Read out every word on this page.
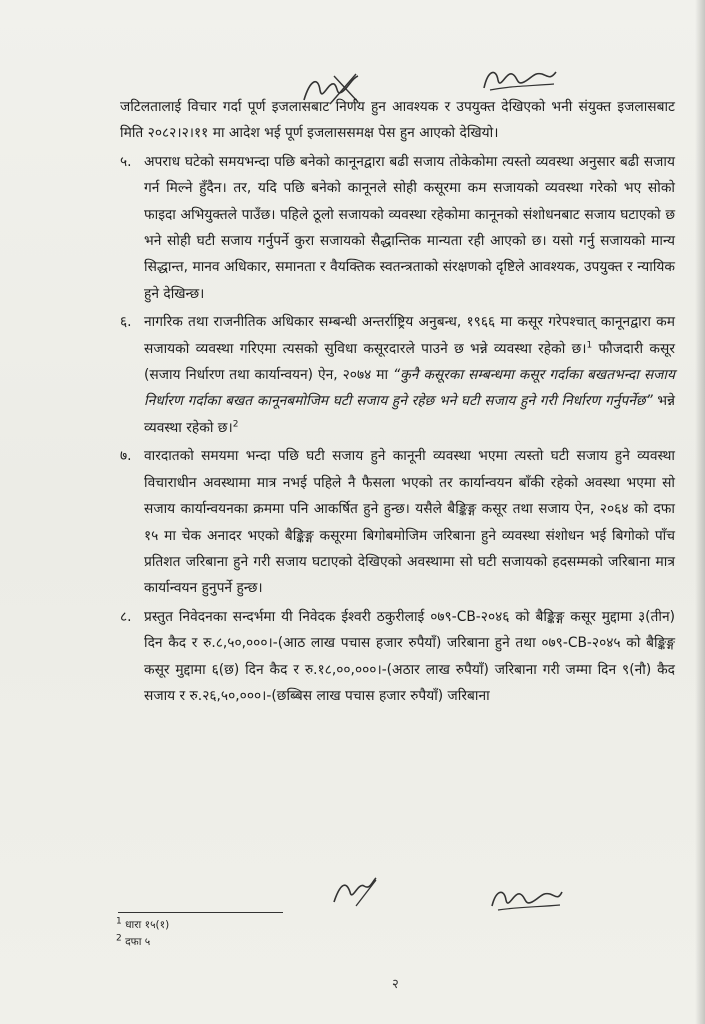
जटिलतालाई विचार गर्दा पूर्ण इजलासबाट निर्णय हुन आवश्यक र उपयुक्त देखिएको भनी संयुक्त इजलासबाट मिति २०८२।२।११ मा आदेश भई पूर्ण इजलाससमक्ष पेस हुन आएको देखियो।

५. अपराध घटेको समयभन्दा पछि बनेको कानूनद्वारा बढी सजाय तोकेकोमा त्यस्तो व्यवस्था अनुसार बढी सजाय गर्न मिल्ने हुँदैन। तर, यदि पछि बनेको कानूनले सोही कसूरमा कम सजायको व्यवस्था गरेको भए सोको फाइदा अभियुक्तले पाउँछ। पहिले ठूलो सजायको व्यवस्था रहेकोमा कानूनको संशोधनबाट सजाय घटाएको छ भने सोही घटी सजाय गर्नुपर्ने कुरा सजायको सैद्धान्तिक मान्यता रही आएको छ। यसो गर्नु सजायको मान्य सिद्धान्त, मानव अधिकार, समानता र वैयक्तिक स्वतन्त्रताको संरक्षणको दृष्टिले आवश्यक, उपयुक्त र न्यायिक हुने देखिन्छ।

६. नागरिक तथा राजनीतिक अधिकार सम्बन्धी अन्तर्राष्ट्रिय अनुबन्ध, १९६६ मा कसूर गरेपश्चात् कानूनद्वारा कम सजायको व्यवस्था गरिएमा त्यसको सुविधा कसूरदारले पाउने छ भन्ने व्यवस्था रहेको छ।$^1$ फौजदारी कसूर (सजाय निर्धारण तथा कार्यान्वयन) ऐन, २०७४ मा “कुनै कसूरका सम्बन्धमा कसूर गर्दाका बखतभन्दा सजाय निर्धारण गर्दाका बखत कानूनबमोजिम घटी सजाय हुने रहेछ भने घटी सजाय हुने गरी निर्धारण गर्नुपर्नेछ” भन्ने व्यवस्था रहेको छ।$^2$

७. वारदातको समयमा भन्दा पछि घटी सजाय हुने कानूनी व्यवस्था भएमा त्यस्तो घटी सजाय हुने व्यवस्था विचाराधीन अवस्थामा मात्र नभई पहिले नै फैसला भएको तर कार्यान्वयन बाँकी रहेको अवस्था भएमा सो सजाय कार्यान्वयनका क्रममा पनि आकर्षित हुने हुन्छ। यसैले बैङ्किङ्ग कसूर तथा सजाय ऐन, २०६४ को दफा १५ मा चेक अनादर भएको बैङ्किङ्ग कसूरमा बिगोबमोजिम जरिबाना हुने व्यवस्था संशोधन भई बिगोको पाँच प्रतिशत जरिबाना हुने गरी सजाय घटाएको देखिएको अवस्थामा सो घटी सजायको हदसम्मको जरिबाना मात्र कार्यान्वयन हुनुपर्ने हुन्छ।

८. प्रस्तुत निवेदनका सन्दर्भमा यी निवेदक ईश्वरी ठकुरीलाई ०७९-CB-२०४६ को बैङ्किङ्ग कसूर मुद्दामा ३(तीन) दिन कैद र रु.८,५०,०००।-(आठ लाख पचास हजार रुपैयाँ) जरिबाना हुने तथा ०७९-CB-२०४५ को बैङ्किङ्ग कसूर मुद्दामा ६(छ) दिन कैद र रु.१८,००,०००।-(अठार लाख रुपैयाँ) जरिबाना गरी जम्मा दिन ९(नौ) कैद सजाय र रु.२६,५०,०००।-(छब्बिस लाख पचास हजार रुपैयाँ) जरिबाना

$^1$ धारा १५(१)
$^2$ दफा ५
२
